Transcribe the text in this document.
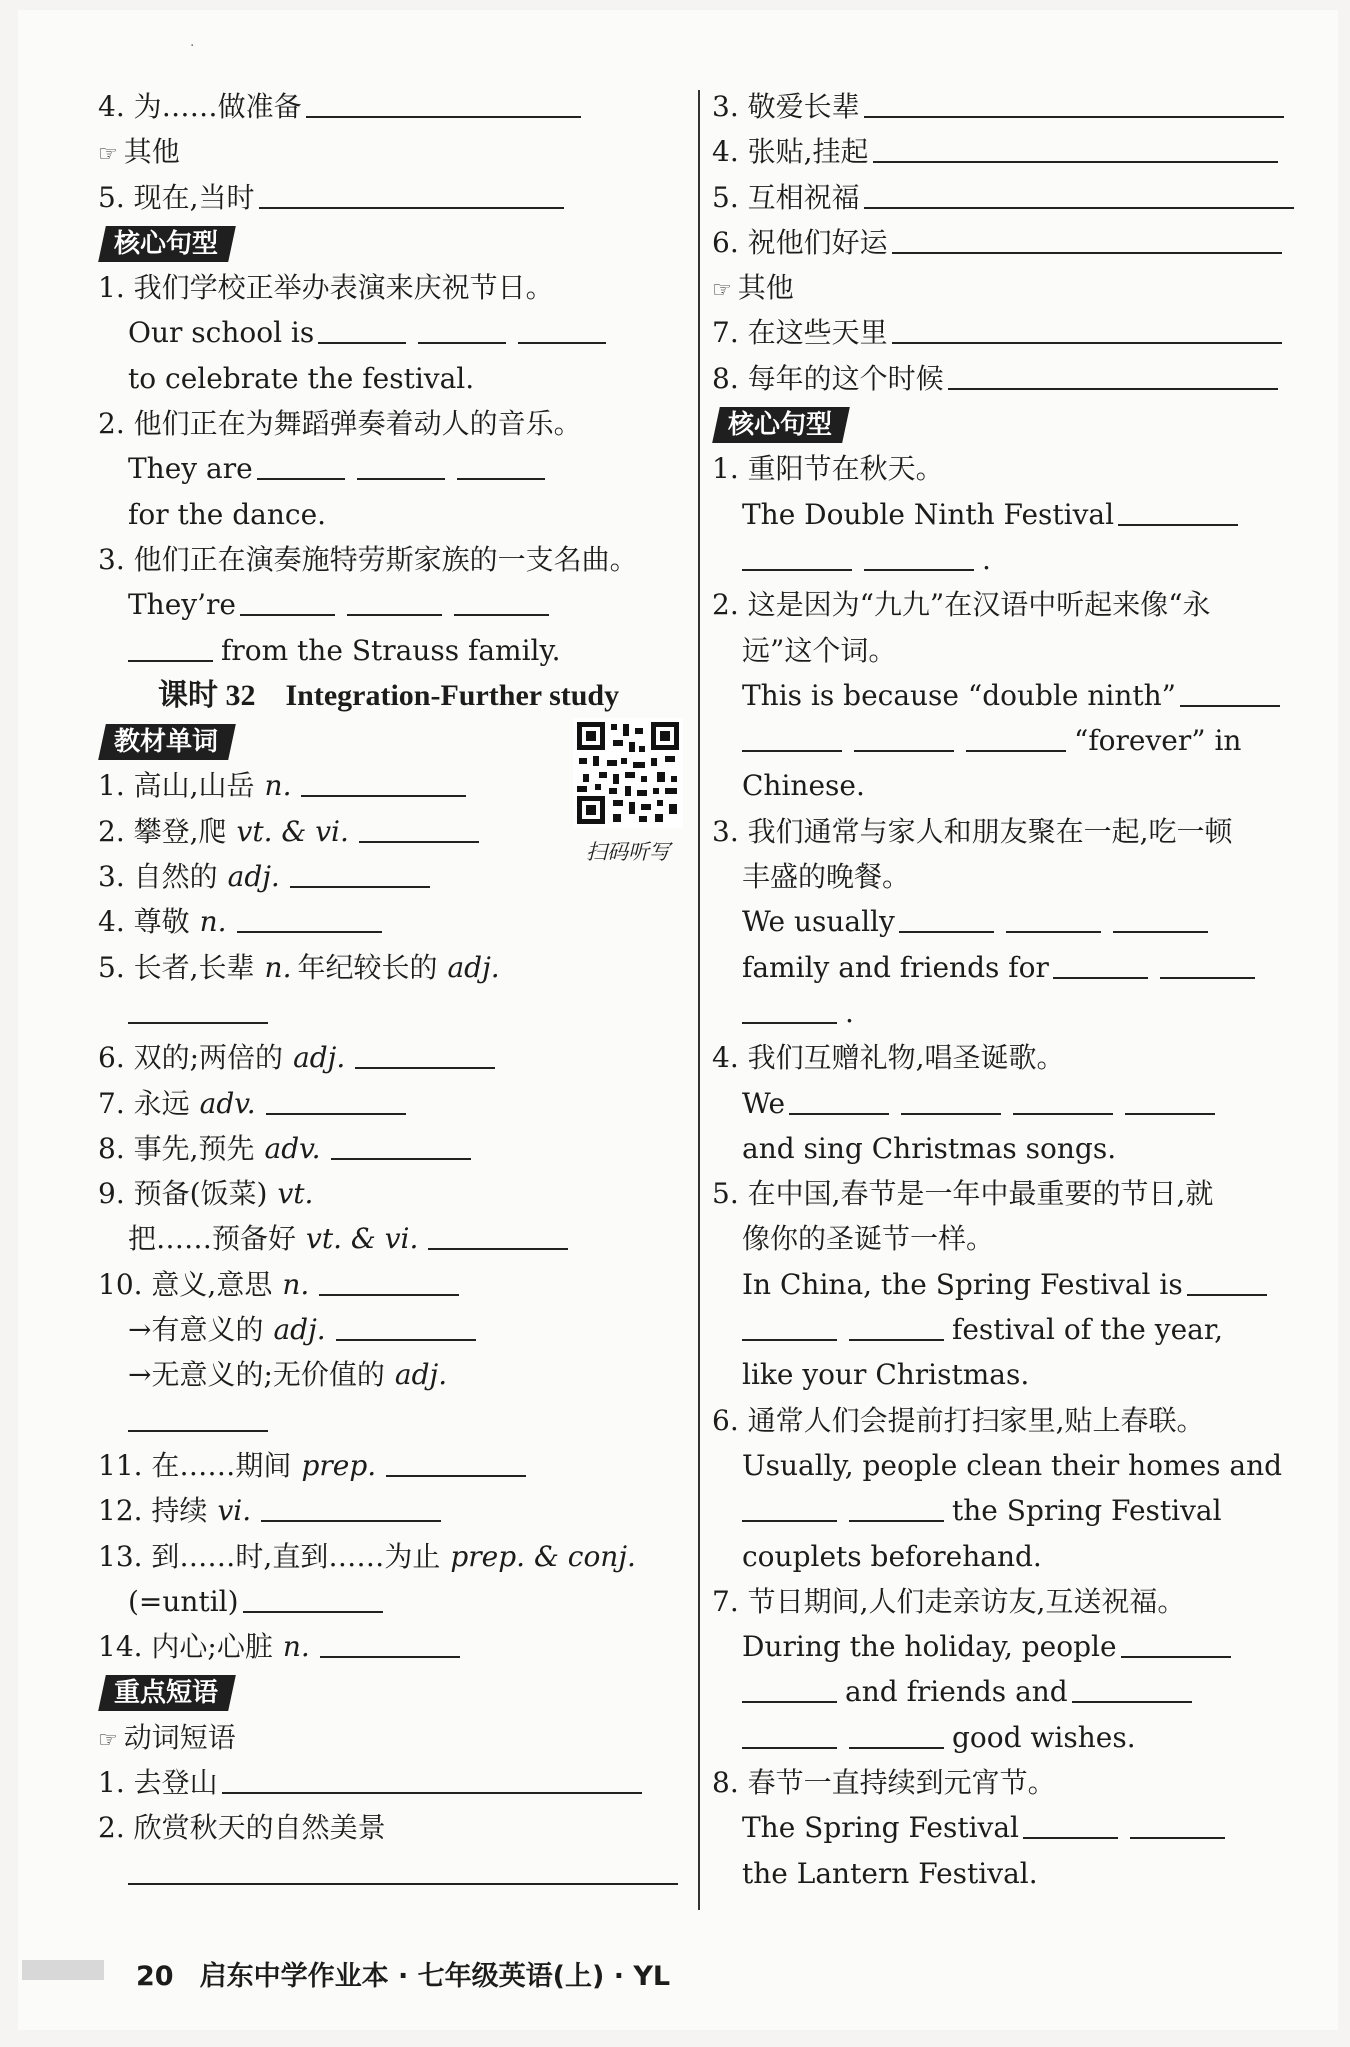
·
4. 为……做准备
☞ 其他
5. 现在,当时
核心句型
1. 我们学校正举办表演来庆祝节日。
Our school is
to celebrate the festival.
2. 他们正在为舞蹈弹奏着动人的音乐。
They are
for the dance.
3. 他们正在演奏施特劳斯家族的一支名曲。
They’re
from the Strauss family.
课时 32　Integration-Further study
扫码听写
教材单词
1. 高山,山岳 n.
2. 攀登,爬 vt. & vi.
3. 自然的 adj.
4. 尊敬 n.
5. 长者,长辈 n. 年纪较长的 adj.
6. 双的;两倍的 adj.
7. 永远 adv.
8. 事先,预先 adv.
9. 预备(饭菜) vt.
把……预备好 vt. & vi.
10. 意义,意思 n.
→有意义的 adj.
→无意义的;无价值的 adj.
11. 在……期间 prep.
12. 持续 vi.
13. 到……时,直到……为止 prep. & conj.
(=until)
14. 内心;心脏 n.
重点短语
☞ 动词短语
1. 去登山
2. 欣赏秋天的自然美景
3. 敬爱长辈
4. 张贴,挂起
5. 互相祝福
6. 祝他们好运
☞ 其他
7. 在这些天里
8. 每年的这个时候
核心句型
1. 重阳节在秋天。
The Double Ninth Festival
.
2. 这是因为“九九”在汉语中听起来像“永
远”这个词。
This is because “double ninth”
“forever” in
Chinese.
3. 我们通常与家人和朋友聚在一起,吃一顿
丰盛的晚餐。
We usually
family and friends for
.
4. 我们互赠礼物,唱圣诞歌。
We
and sing Christmas songs.
5. 在中国,春节是一年中最重要的节日,就
像你的圣诞节一样。
In China, the Spring Festival is
festival of the year,
like your Christmas.
6. 通常人们会提前打扫家里,贴上春联。
Usually, people clean their homes and
the Spring Festival
couplets beforehand.
7. 节日期间,人们走亲访友,互送祝福。
During the holiday, people
and friends and
good wishes.
8. 春节一直持续到元宵节。
The Spring Festival
the Lantern Festival.
20 启东中学作业本 · 七年级英语(上) · YL
